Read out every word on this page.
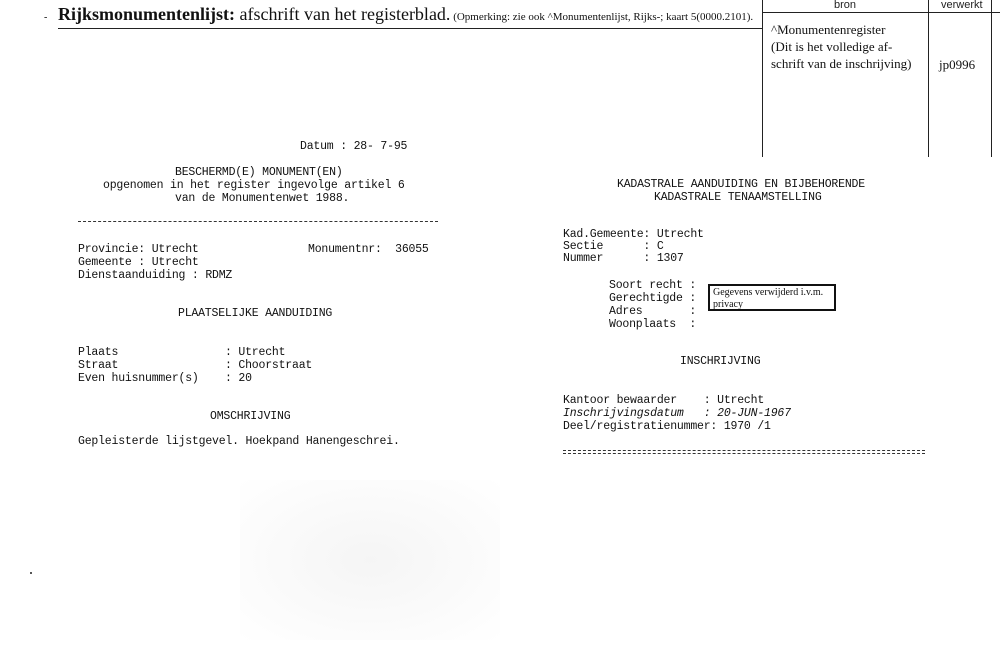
- Rijksmonumentenlijst: afschrift van het registerblad. (Opmerking: zie ook ^Monumentenlijst, Rijks-; kaart 5(0000.2101).
bron	verwerkt
^Monumentenregister
(Dit is het volledige af-
schrift van de inschrijving) jp0996
Datum : 28- 7-95
BESCHERMD(E) MONUMENT(EN)
opgenomen in het register ingevolge artikel 6
van de Monumentenwet 1988.
Provincie: Utrecht	Monumentnr:  36055
Gemeente : Utrecht
Dienstaanduiding : RDMZ
PLAATSELIJKE AANDUIDING
Plaats	: Utrecht
Straat	: Choorstraat
Even huisnummer(s) : 20
OMSCHRIJVING
Gepleisterde lijstgevel. Hoekpand Hanengeschrei.
KADASTRALE AANDUIDING EN BIJBEHORENDE
KADASTRALE TENAAMSTELLING
Kad.Gemeente: Utrecht
Sectie      : C
Nummer      : 1307
Soort recht :
Gerechtigde :
Adres       :
Woonplaats  :
Gegevens verwijderd i.v.m. privacy
INSCHRIJVING
Kantoor bewaarder    : Utrecht
Inschrijvingsdatum   : 20-JUN-1967
Deel/registratienummer: 1970 /1
